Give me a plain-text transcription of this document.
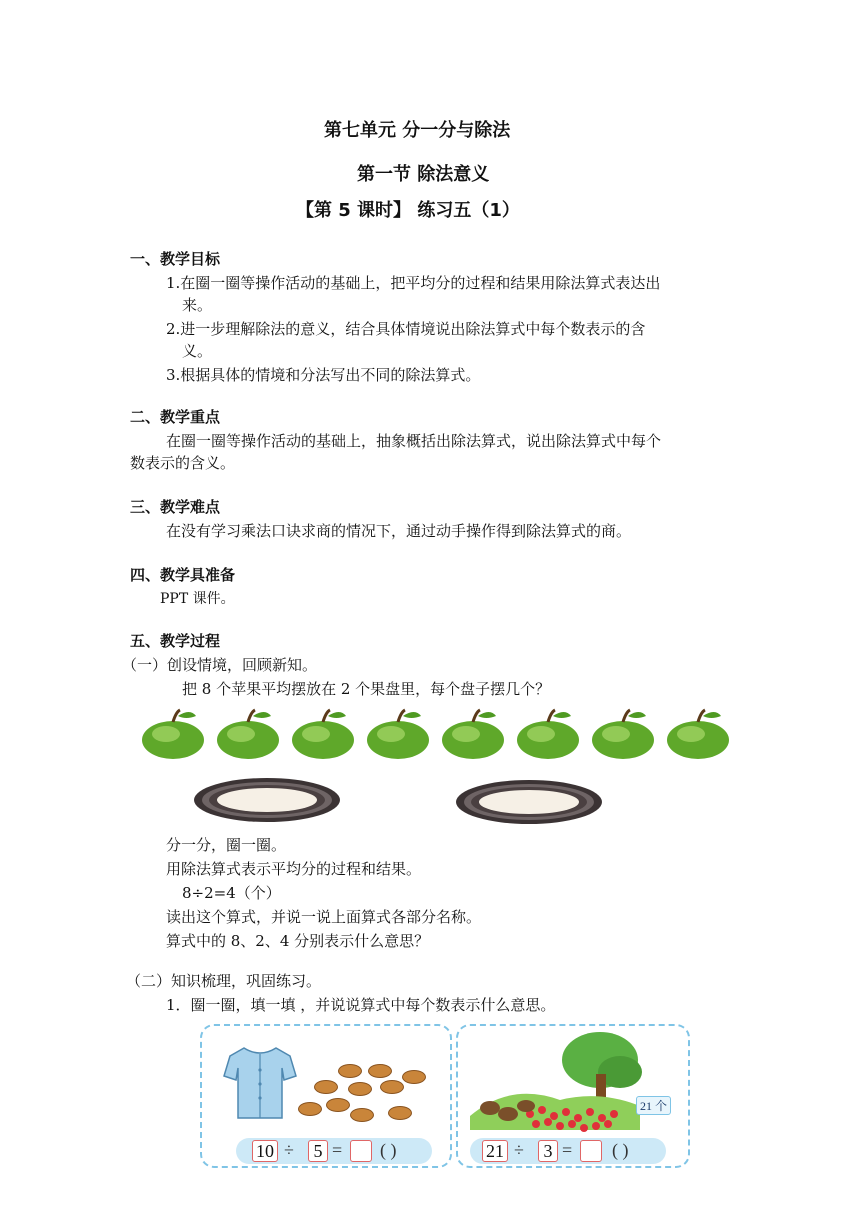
第七单元 分一分与除法
第一节 除法意义
【第 5 课时】 练习五（1）
一、教学目标
1.在圈一圈等操作活动的基础上，把平均分的过程和结果用除法算式表达出
来。
2.进一步理解除法的意义，结合具体情境说出除法算式中每个数表示的含
义。
3.根据具体的情境和分法写出不同的除法算式。
二、教学重点
在圈一圈等操作活动的基础上，抽象概括出除法算式，说出除法算式中每个
数表示的含义。
三、教学难点
在没有学习乘法口诀求商的情况下，通过动手操作得到除法算式的商。
四、教学具准备
PPT 课件。
五、教学过程
（一）创设情境，回顾新知。
把 8 个苹果平均摆放在 2 个果盘里，每个盘子摆几个？
分一分，圈一圈。
用除法算式表示平均分的过程和结果。
8÷2=4（个）
读出这个算式，并说一说上面算式各部分名称。
算式中的 8、2、4 分别表示什么意思？
（二）知识梳理，巩固练习。
1．圈一圈，填一填 ，并说说算式中每个数表示什么意思。
21 个
10 ÷	5 = ( )	21 ÷	3 = ( )
